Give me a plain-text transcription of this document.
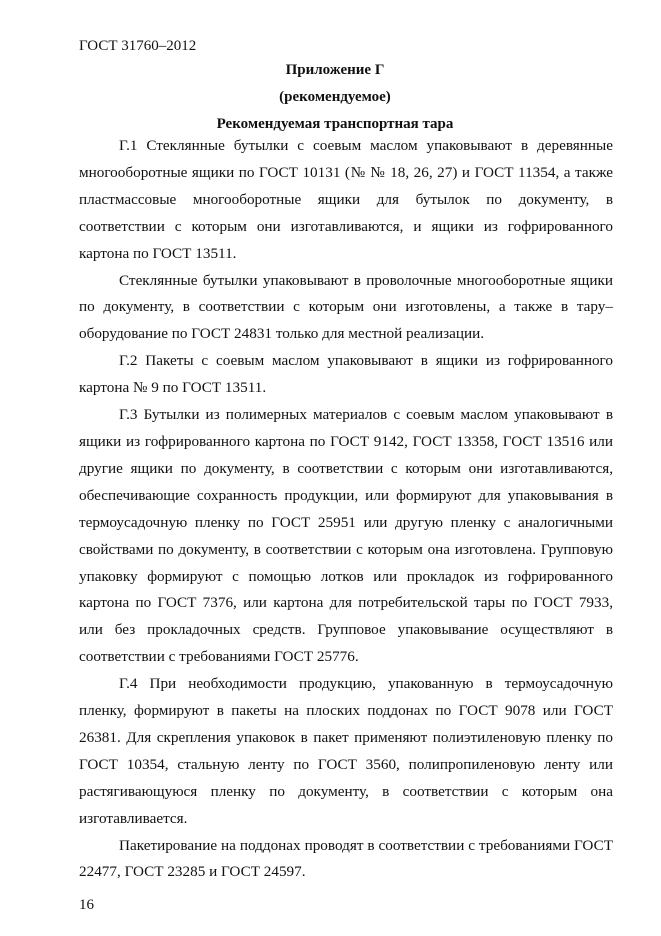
ГОСТ 31760–2012
Приложение Г
(рекомендуемое)
Рекомендуемая транспортная тара

Г.1 Стеклянные бутылки с соевым маслом упаковывают в деревянные многооборотные ящики по ГОСТ 10131 (№ № 18, 26, 27) и ГОСТ 11354, а также пластмассовые многооборотные ящики для бутылок по документу, в соответствии с которым они изготавливаются, и ящики из гофрированного картона по ГОСТ 13511.

Стеклянные бутылки упаковывают в проволочные многооборотные ящики по документу, в соответствии с которым они изготовлены, а также в тару–оборудование по ГОСТ 24831 только для местной реализации.

Г.2 Пакеты с соевым маслом упаковывают в ящики из гофрированного картона № 9 по ГОСТ 13511.

Г.3 Бутылки из полимерных материалов с соевым маслом упаковывают в ящики из гофрированного картона по ГОСТ 9142, ГОСТ 13358, ГОСТ 13516 или другие ящики по документу, в соответствии с которым они изготавливаются, обеспечивающие сохранность продукции, или формируют для упаковывания в термоусадочную пленку по ГОСТ 25951 или другую пленку с аналогичными свойствами по документу, в соответствии с которым она изготовлена. Групповую упаковку формируют с помощью лотков или прокладок из гофрированного картона по ГОСТ 7376, или картона для потребительской тары по ГОСТ 7933, или без прокладочных средств. Групповое упаковывание осуществляют в соответствии с требованиями ГОСТ 25776.

Г.4 При необходимости продукцию, упакованную в термоусадочную пленку, формируют в пакеты на плоских поддонах по ГОСТ 9078 или ГОСТ 26381. Для скрепления упаковок в пакет применяют полиэтиленовую пленку по ГОСТ 10354, стальную ленту по ГОСТ 3560, полипропиленовую ленту или растягивающуюся пленку по документу, в соответствии с которым она изготавливается.

Пакетирование на поддонах проводят в соответствии с требованиями ГОСТ 22477, ГОСТ 23285 и ГОСТ 24597.

16
